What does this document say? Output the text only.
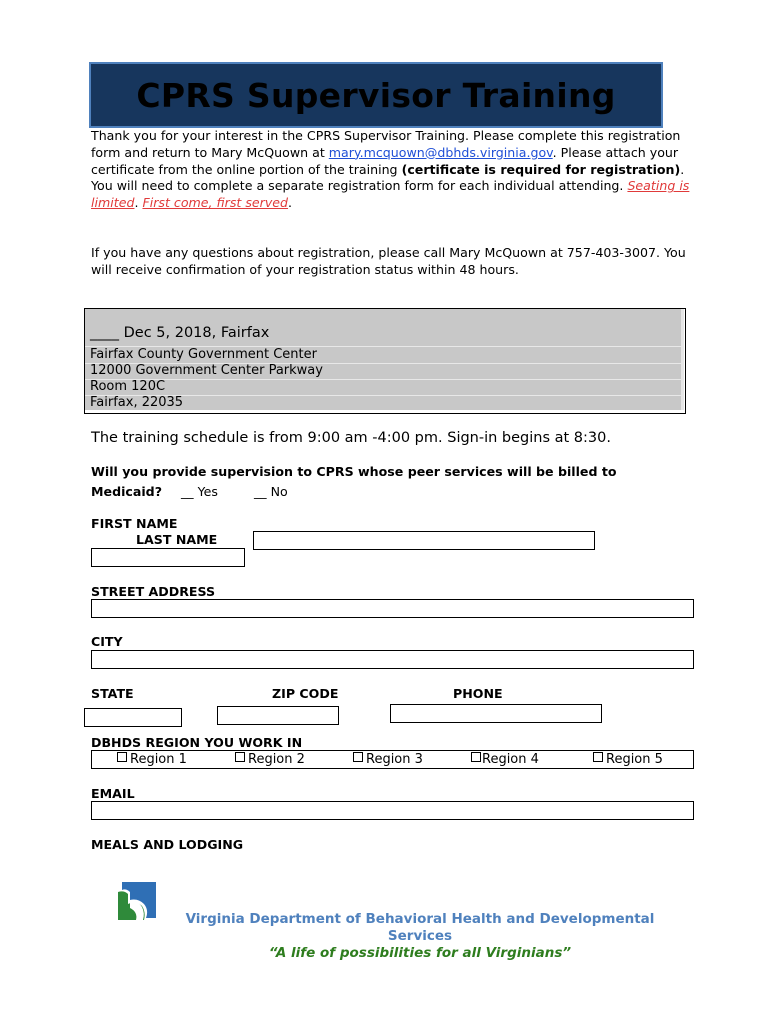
CPRS Supervisor Training
Thank you for your interest in the CPRS Supervisor Training. Please complete this registration form and return to Mary McQuown at mary.mcquown@dbhds.virginia.gov. Please attach your certificate from the online portion of the training (certificate is required for registration). You will need to complete a separate registration form for each individual attending. Seating is limited. First come, first served.
If you have any questions about registration, please call Mary McQuown at 757-403-3007. You will receive confirmation of your registration status within 48 hours.
____ Dec 5, 2018, Fairfax
Fairfax County Government Center
12000 Government Center Parkway
Room 120C
Fairfax, 22035
The training schedule is from 9:00 am -4:00 pm. Sign-in begins at 8:30.
Will you provide supervision to CPRS whose peer services will be billed to
Medicaid? __ Yes	__ No
FIRST NAME
LAST NAME
STREET ADDRESS
CITY
STATE	ZIP CODE	PHONE
DBHDS REGION YOU WORK IN
Region 1	Region 2	Region 3	Region 4	Region 5
EMAIL
MEALS AND LODGING
Virginia Department of Behavioral Health and Developmental
Services
“A life of possibilities for all Virginians”
